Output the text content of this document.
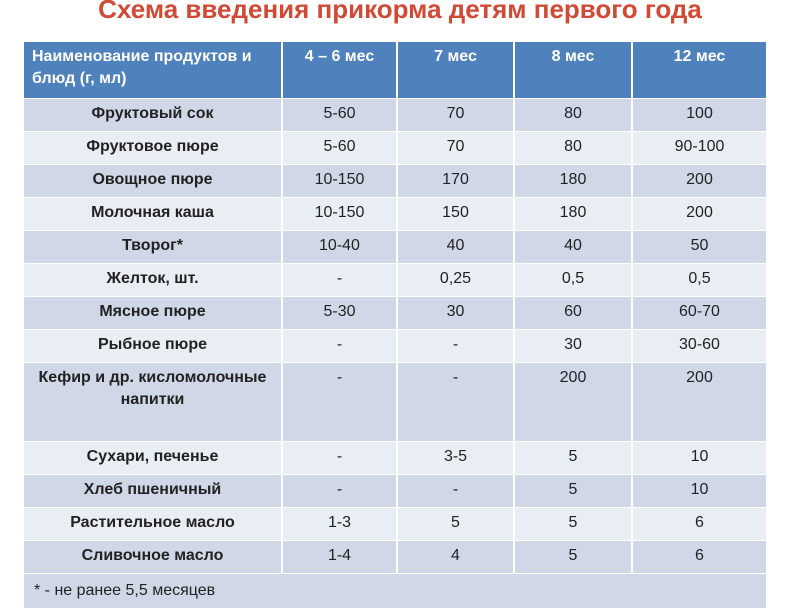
Схема введения прикорма детям первого года
Наименование продуктов и блюд (г, мл)	4 – 6 мес	7 мес	8 мес	12 мес
Фруктовый сок	5-60	70	80	100
Фруктовое пюре	5-60	70	80	90-100
Овощное пюре	10-150	170	180	200
Молочная каша	10-150	150	180	200
Творог*	10-40	40	40	50
Желток, шт.	-	0,25	0,5	0,5
Мясное пюре	5-30	30	60	60-70
Рыбное пюре	-	-	30	30-60
Кефир и др. кисломолочные напитки	-	-	200	200
Сухари, печенье	-	3-5	5	10
Хлеб пшеничный	-	-	5	10
Растительное масло	1-3	5	5	6
Сливочное масло	1-4	4	5	6
* - не ранее 5,5 месяцев
